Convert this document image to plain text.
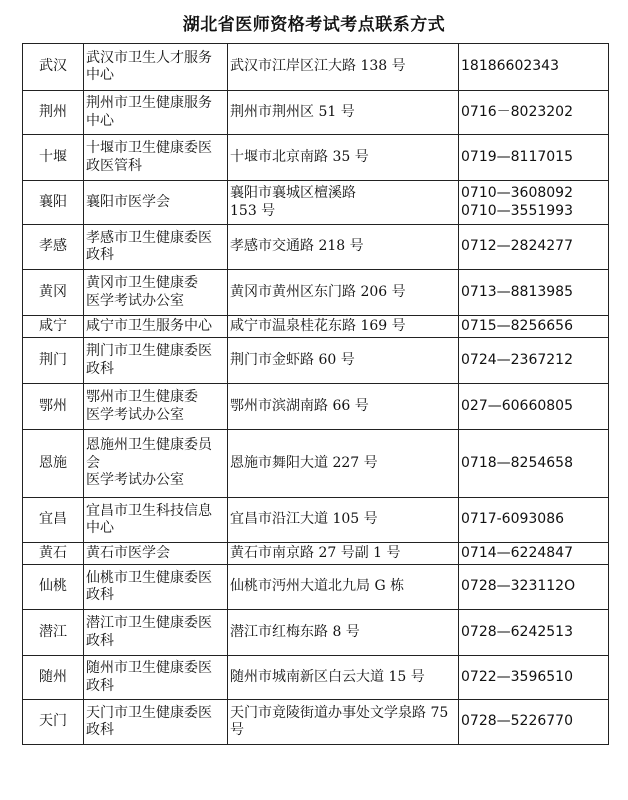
湖北省医师资格考试考点联系方式
武汉	武汉市卫生人才服务
中心	武汉市江岸区江大路 138 号	18186602343

荆州	荆州市卫生健康服务
中心	荆州市荆州区 51 号	0716－8023202

十堰	十堰市卫生健康委医
政医管科	十堰市北京南路 35 号	0719—8117015

襄阳	襄阳市医学会	襄阳市襄城区檀溪路
153 号	0710—3608092
0710—3551993

孝感	孝感市卫生健康委医
政科	孝感市交通路 218 号	0712—2824277

黄冈	黄冈市卫生健康委
医学考试办公室	黄冈市黄州区东门路 206 号	0713—8813985

咸宁	咸宁市卫生服务中心	咸宁市温泉桂花东路 169 号	0715—8256656

荆门	荆门市卫生健康委医
政科	荆门市金虾路 60 号	0724—2367212

鄂州	鄂州市卫生健康委
医学考试办公室	鄂州市滨湖南路 66 号	027—60660805

恩施	恩施州卫生健康委员
会
医学考试办公室	恩施市舞阳大道 227 号	0718—8254658

宜昌	宜昌市卫生科技信息
中心	宜昌市沿江大道 105 号	0717-6093086

黄石	黄石市医学会	黄石市南京路 27 号副 1 号	0714—6224847

仙桃	仙桃市卫生健康委医
政科	仙桃市沔州大道北九局 G 栋	0728—323112O

潜江	潜江市卫生健康委医
政科	潜江市红梅东路 8 号	0728—6242513

随州	随州市卫生健康委医
政科	随州市城南新区白云大道 15 号	0722—3596510

天门	天门市卫生健康委医
政科	天门市竟陵街道办事处文学泉路 75
号	0728—5226770
